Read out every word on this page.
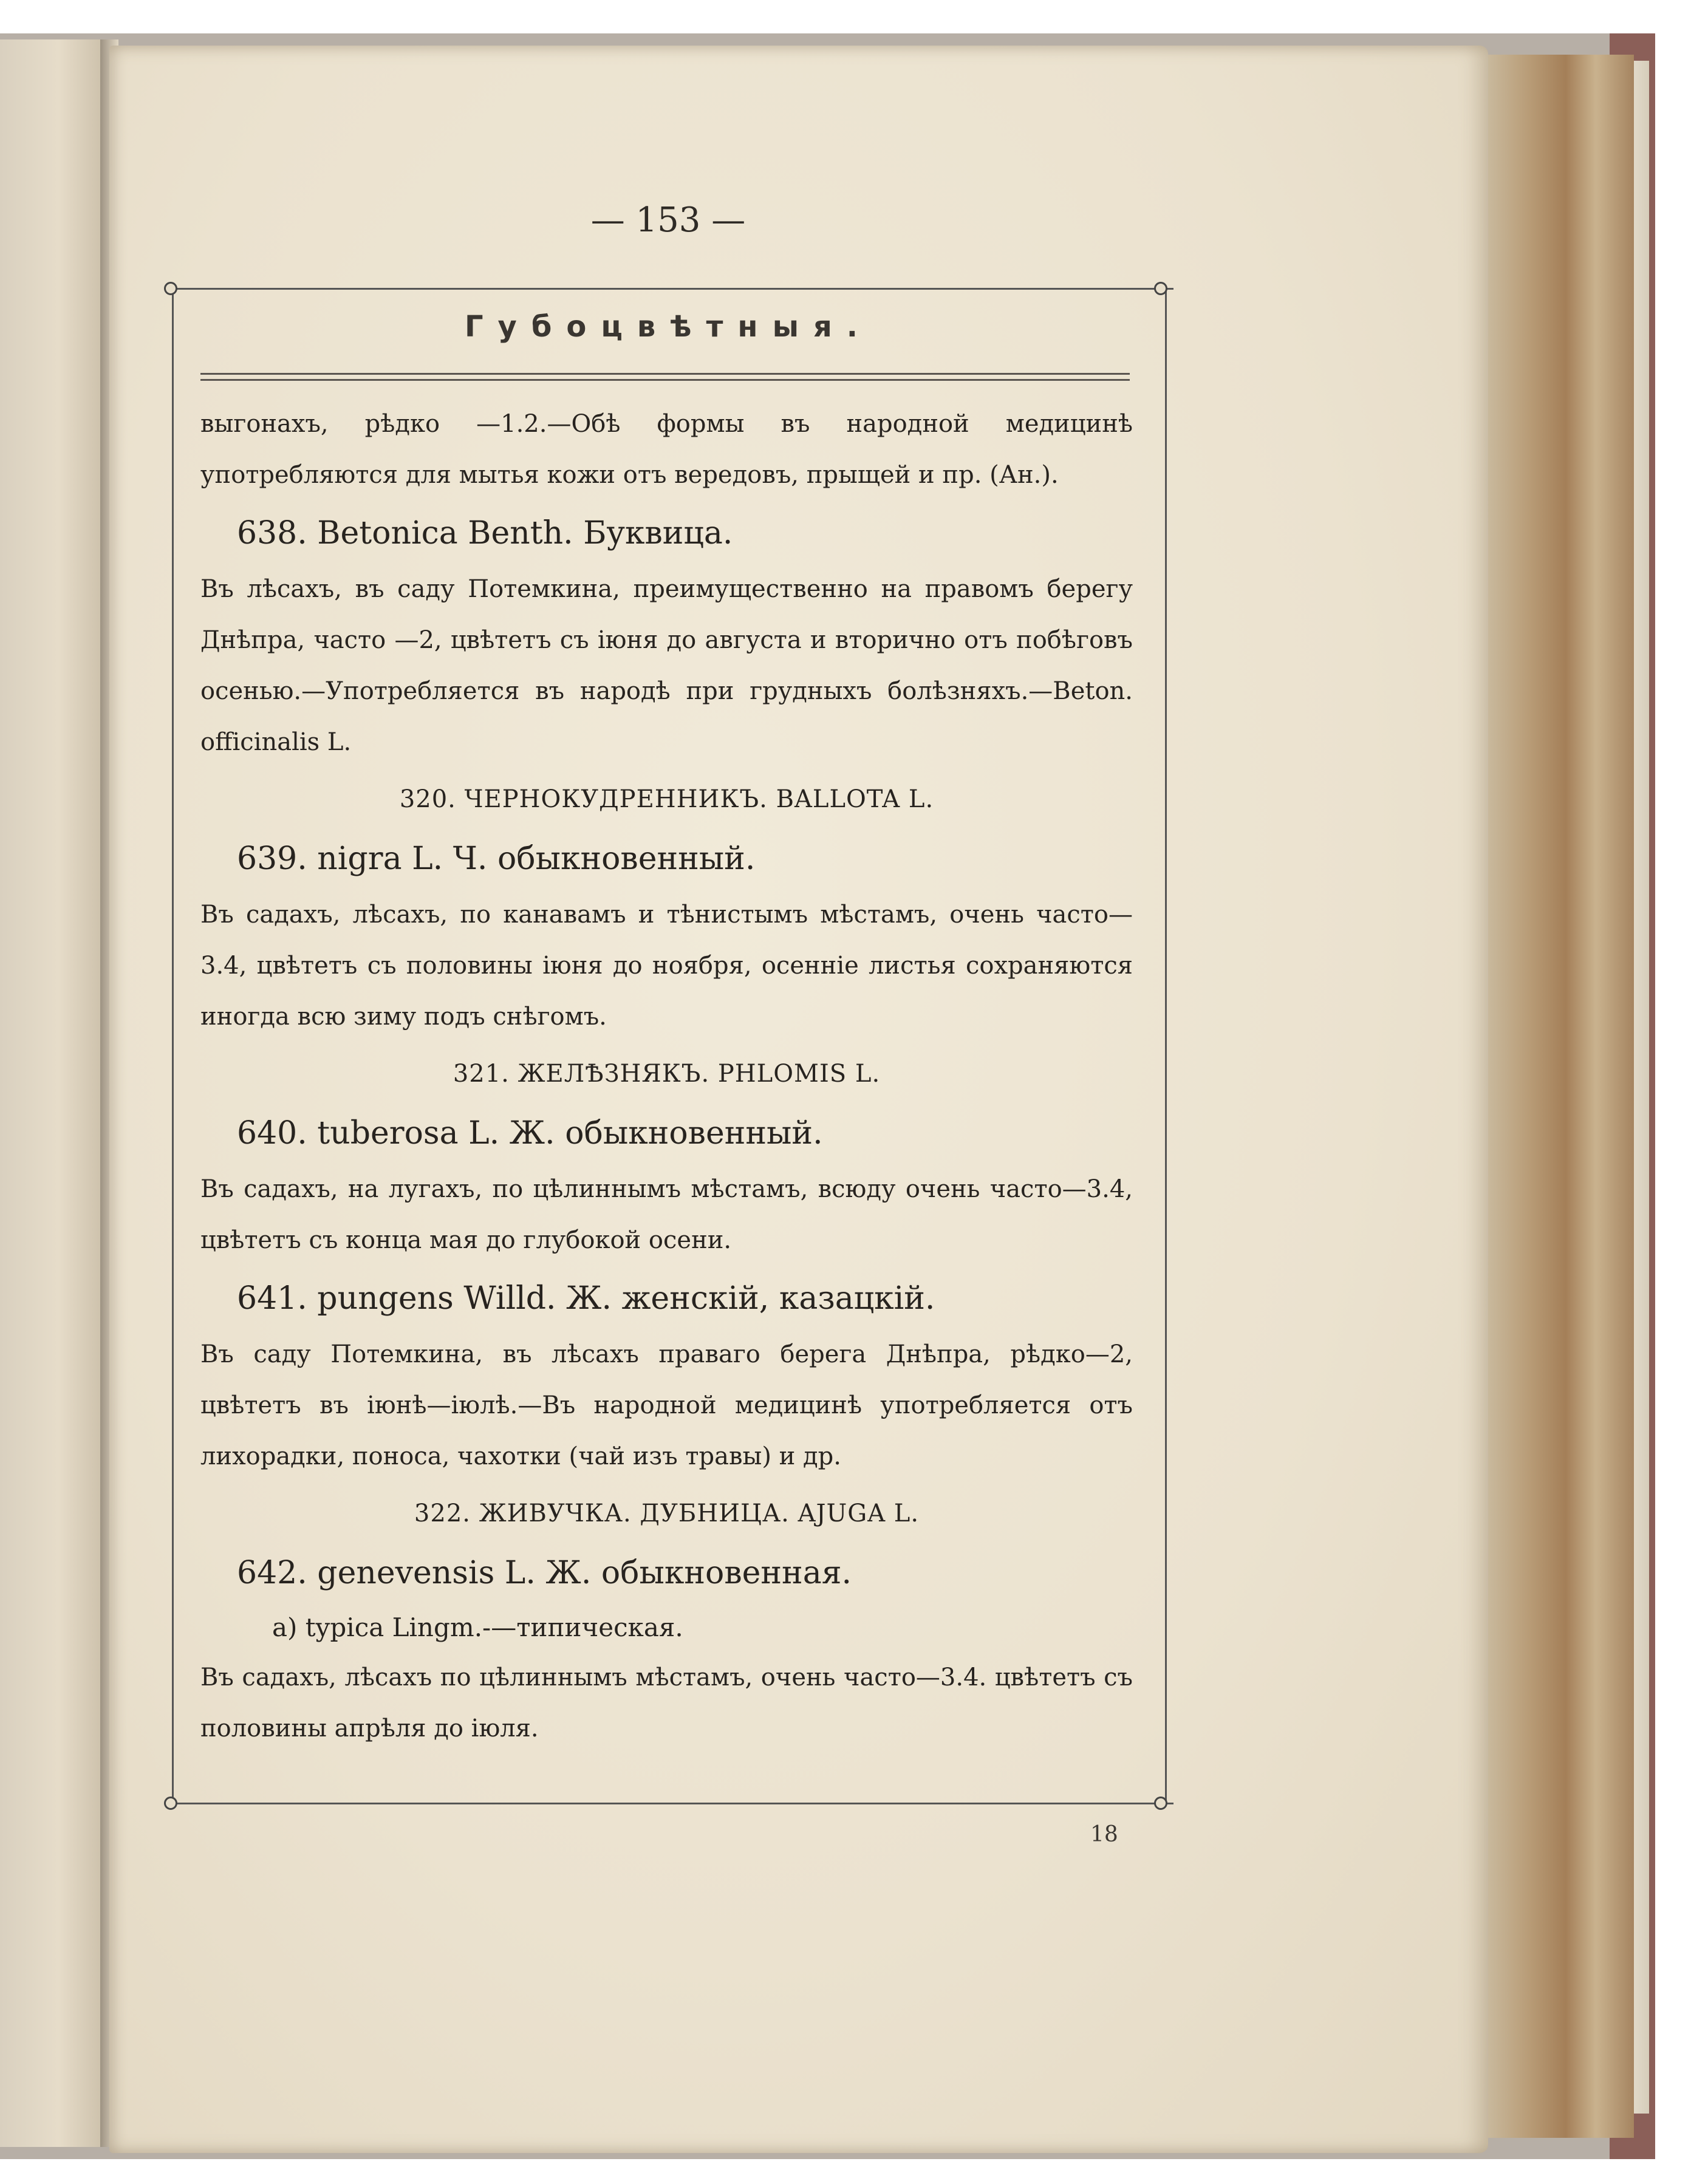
— 153 —
Губоцвѣтныя.

выгонахъ, рѣдко —1.2.—Обѣ формы въ народной медицинѣ употребляются для мытья кожи отъ вередовъ, прыщей и пр. (Ан.).

638. Betonica Benth. Буквица.

Въ лѣсахъ, въ саду Потемкина, преимущественно на правомъ берегу Днѣпра, часто —2, цвѣтетъ съ іюня до августа и вторично отъ побѣговъ осенью.—Употребляется въ народѣ при грудныхъ болѣзняхъ.—Beton. officinalis L.

320. ЧЕРНОКУДРЕННИКЪ. BALLOTA L.

639. nigra L. Ч. обыкновенный.

Въ садахъ, лѣсахъ, по канавамъ и тѣнистымъ мѣстамъ, очень часто—3.4, цвѣтетъ съ половины іюня до ноября, осенніе листья сохраняются иногда всю зиму подъ снѣгомъ.

321. ЖЕЛѢЗНЯКЪ. PHLOMIS L.

640. tuberosa L. Ж. обыкновенный.

Въ садахъ, на лугахъ, по цѣлиннымъ мѣстамъ, всюду очень часто—3.4, цвѣтетъ съ конца мая до глубокой осени.

641. pungens Willd. Ж. женскій, казацкій.

Въ саду Потемкина, въ лѣсахъ праваго берега Днѣпра, рѣдко—2, цвѣтетъ въ іюнѣ—іюлѣ.—Въ народной медицинѣ употребляется отъ лихорадки, поноса, чахотки (чай изъ травы) и др.

322. ЖИВУЧКА. ДУБНИЦА. AJUGA L.

642. genevensis L. Ж. обыкновенная.

a) typica Lingm.-—типическая.

Въ садахъ, лѣсахъ по цѣлиннымъ мѣстамъ, очень часто—3.4. цвѣтетъ съ половины апрѣля до іюля.

18
